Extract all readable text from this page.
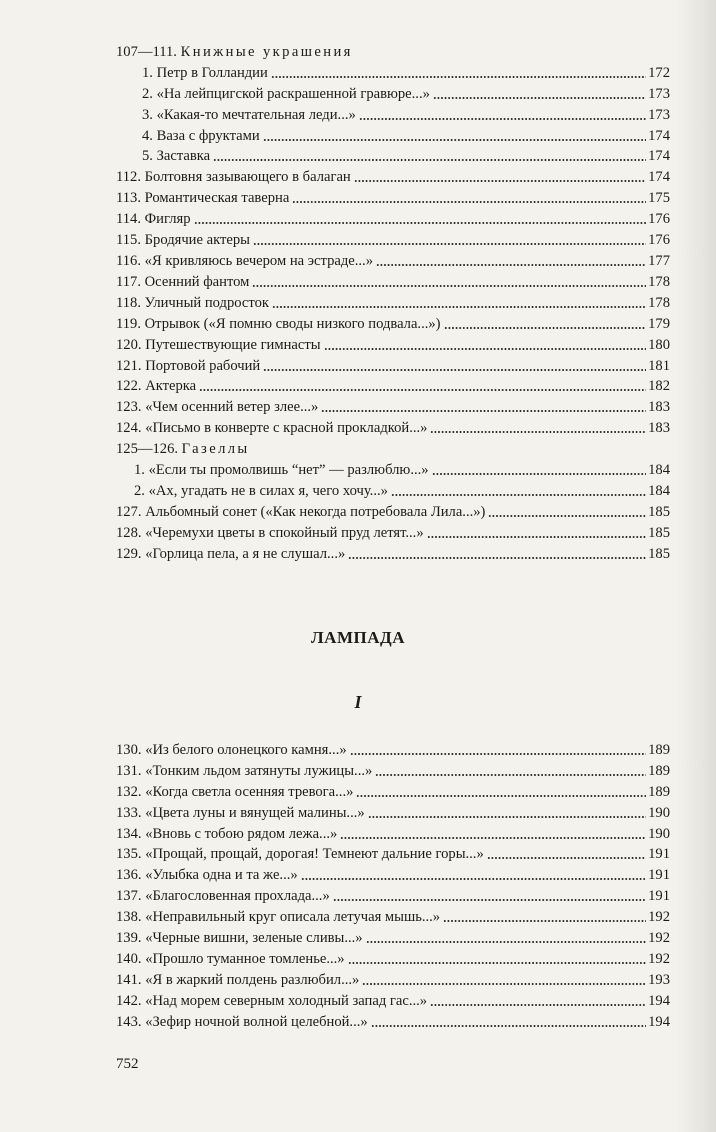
107—111. Книжные украшения
1. Петр в Голландии	172
2. «На лейпцигской раскрашенной гравюре...»	173
3. «Какая-то мечтательная леди...»	173
4. Ваза с фруктами	174
5. Заставка	174
112. Болтовня зазывающего в балаган	174
113. Романтическая таверна	175
114. Фигляр	176
115. Бродячие актеры	176
116. «Я кривляюсь вечером на эстраде...»	177
117. Осенний фантом	178
118. Уличный подросток	178
119. Отрывок («Я помню своды низкого подвала...»)	179
120. Путешествующие гимнасты	180
121. Портовой рабочий	181
122. Актерка	182
123. «Чем осенний ветер злее...»	183
124. «Письмо в конверте с красной прокладкой...»	183
125—126. Газеллы
1. «Если ты промолвишь “нет” — разлюблю...»	184
2. «Ах, угадать не в силах я, чего хочу...»	184
127. Альбомный сонет («Как некогда потребовала Лила...»)	185
128. «Черемухи цветы в спокойный пруд летят...»	185
129. «Горлица пела, а я не слушал...»	185
ЛАМПАДА
I
130. «Из белого олонецкого камня...»	189
131. «Тонким льдом затянуты лужицы...»	189
132. «Когда светла осенняя тревога...»	189
133. «Цвета луны и вянущей малины...»	190
134. «Вновь с тобою рядом лежа...»	190
135. «Прощай, прощай, дорогая! Темнеют дальние горы...»	191
136. «Улыбка одна и та же...»	191
137. «Благословенная прохлада...»	191
138. «Неправильный круг описала летучая мышь...»	192
139. «Черные вишни, зеленые сливы...»	192
140. «Прошло туманное томленье...»	192
141. «Я в жаркий полдень разлюбил...»	193
142. «Над морем северным холодный запад гас...»	194
143. «Зефир ночной волной целебной...»	194
752
